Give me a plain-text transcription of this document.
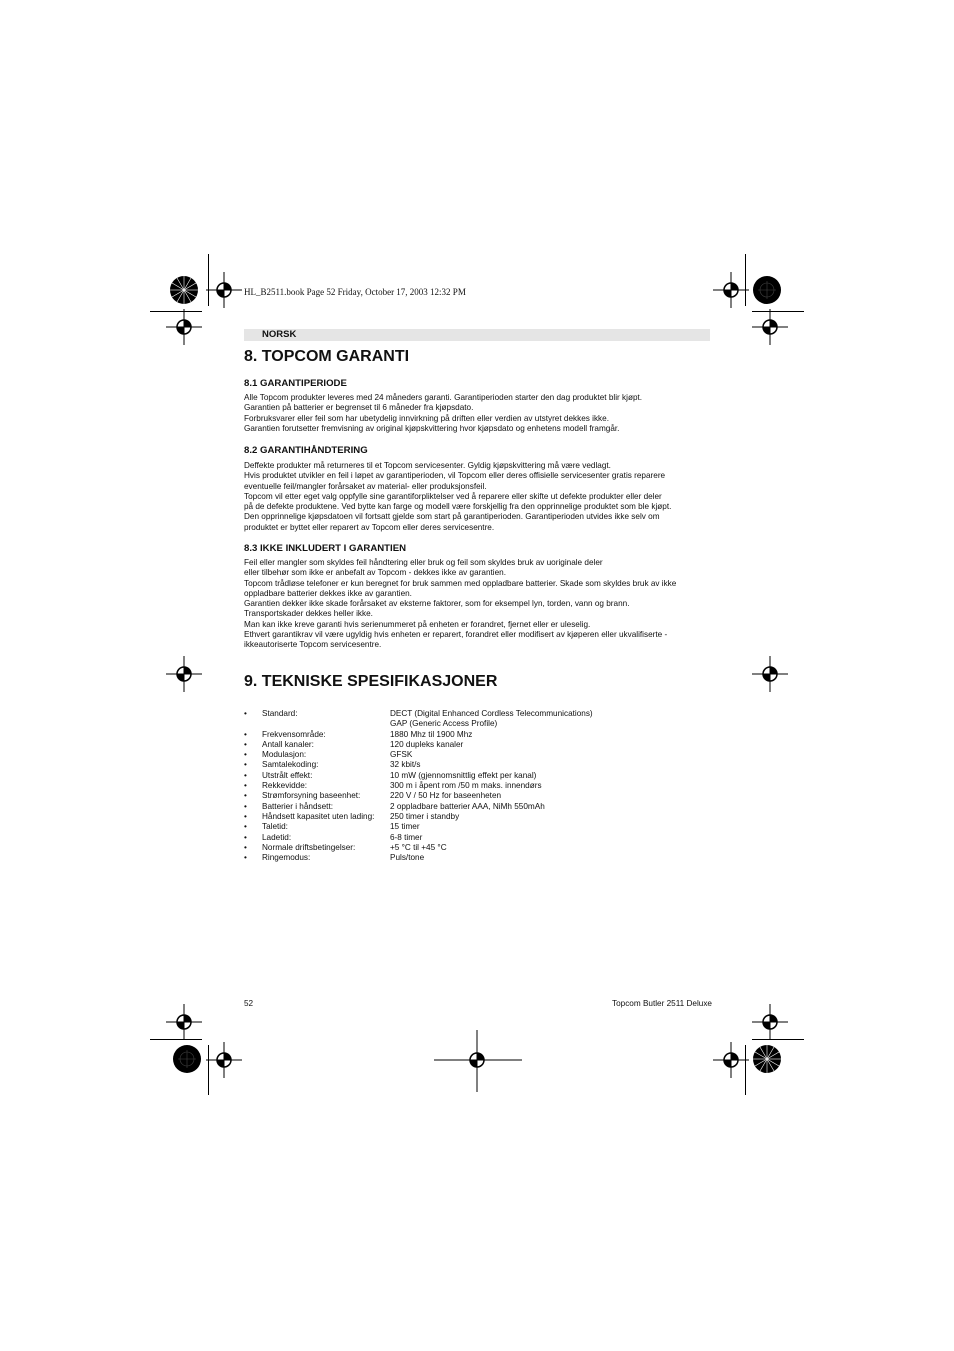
HL_B2511.book Page 52 Friday, October 17, 2003 12:32 PM
NORSK
8. TOPCOM GARANTI
8.1 GARANTIPERIODE
Alle Topcom produkter leveres med 24 måneders garanti. Garantiperioden starter den dag produktet blir kjøpt.
Garantien på batterier er begrenset til 6 måneder fra kjøpsdato.
Forbruksvarer eller feil som har ubetydelig innvirkning på driften eller verdien av utstyret dekkes ikke.
Garantien forutsetter fremvisning av original kjøpskvittering hvor kjøpsdato og enhetens modell framgår.
8.2 GARANTIHÅNDTERING
Deffekte produkter må returneres til et Topcom servicesenter. Gyldig kjøpskvittering må være vedlagt.
Hvis produktet utvikler en feil i løpet av garantiperioden, vil Topcom eller deres offisielle servicesenter gratis reparere
eventuelle feil/mangler forårsaket av material- eller produksjonsfeil.
Topcom vil etter eget valg oppfylle sine garantiforpliktelser ved å reparere eller skifte ut defekte produkter eller deler
på de defekte produktene. Ved bytte kan farge og modell være forskjellig fra den opprinnelige produktet som ble kjøpt.
Den opprinnelige kjøpsdatoen vil fortsatt gjelde som start på garantiperioden. Garantiperioden utvides ikke selv om
produktet er byttet eller reparert av Topcom eller deres servicesentre.
8.3 IKKE INKLUDERT I GARANTIEN
Feil eller mangler som skyldes feil håndtering eller bruk og feil som skyldes bruk av uoriginale deler
eller tilbehør som ikke er anbefalt av Topcom - dekkes ikke av garantien.
Topcom trådløse telefoner er kun beregnet for bruk sammen med oppladbare batterier. Skade som skyldes bruk av ikke
oppladbare batterier dekkes ikke av garantien.
Garantien dekker ikke skade forårsaket av eksterne faktorer, som for eksempel lyn, torden, vann og brann.
Transportskader dekkes heller ikke.
Man kan ikke kreve garanti hvis serienummeret på enheten er forandret, fjernet eller er uleselig.
Ethvert garantikrav vil være ugyldig hvis enheten er reparert, forandret eller modifisert av kjøperen eller ukvalifiserte -
ikkeautoriserte Topcom servicesentre.
9. TEKNISKE SPESIFIKASJONER
• Standard:	DECT (Digital Enhanced Cordless Telecommunications)
GAP (Generic Access Profile)
• Frekvensområde:	1880 Mhz til 1900 Mhz
• Antall kanaler:	120 dupleks kanaler
• Modulasjon:	GFSK
• Samtalekoding:	32 kbit/s
• Utstrålt effekt:	10 mW (gjennomsnittlig effekt per kanal)
• Rekkevidde:	300 m i åpent rom /50 m maks. innendørs
• Strømforsyning baseenhet:	220 V / 50 Hz for baseenheten
• Batterier i håndsett:	2 oppladbare batterier AAA, NiMh 550mAh
• Håndsett kapasitet uten lading: 250 timer i standby
• Taletid:	15 timer
• Ladetid:	6-8 timer
• Normale driftsbetingelser:	+5 °C til +45 °C
• Ringemodus:	Puls/tone
52	Topcom Butler 2511 Deluxe
